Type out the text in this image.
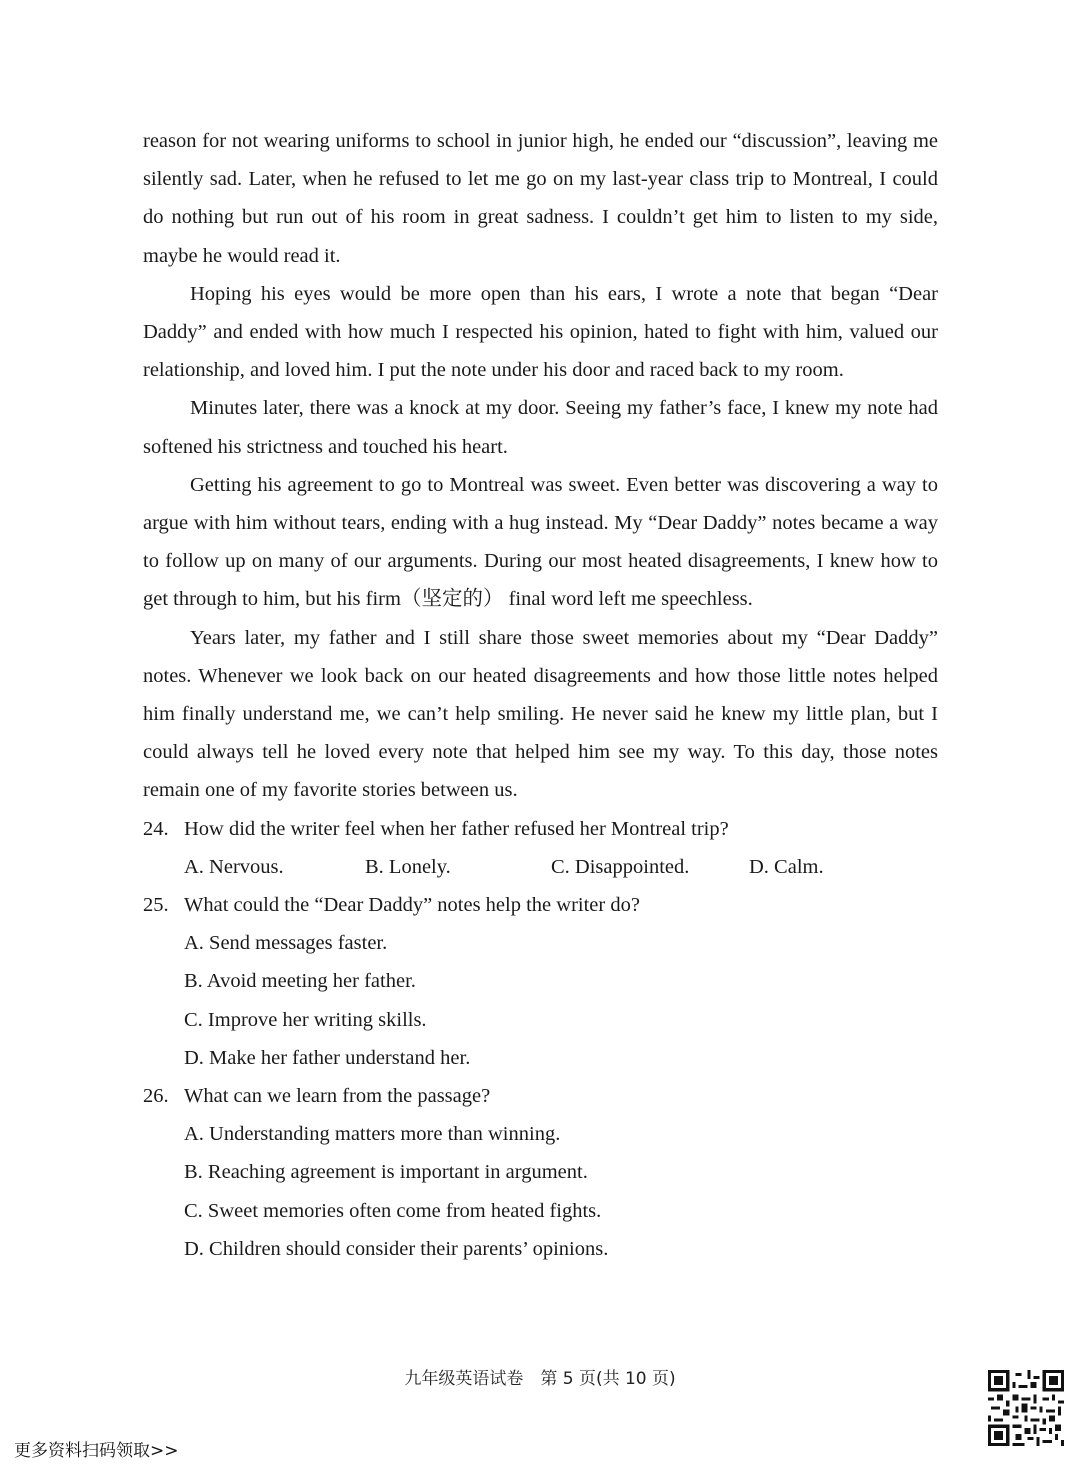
reason for not wearing uniforms to school in junior high, he ended our “discussion”, leaving me silently sad. Later, when he refused to let me go on my last-year class trip to Montreal, I could do nothing but run out of his room in great sadness. I couldn’t get him to listen to my side, maybe he would read it.

Hoping his eyes would be more open than his ears, I wrote a note that began “Dear Daddy” and ended with how much I respected his opinion, hated to fight with him, valued our relationship, and loved him. I put the note under his door and raced back to my room.

Minutes later, there was a knock at my door. Seeing my father’s face, I knew my note had softened his strictness and touched his heart.

Getting his agreement to go to Montreal was sweet. Even better was discovering a way to argue with him without tears, ending with a hug instead. My “Dear Daddy” notes became a way to follow up on many of our arguments. During our most heated disagreements, I knew how to get through to him, but his firm（坚定的） final word left me speechless.

Years later, my father and I still share those sweet memories about my “Dear Daddy” notes. Whenever we look back on our heated disagreements and how those little notes helped him finally understand me, we can’t help smiling. He never said he knew my little plan, but I could always tell he loved every note that helped him see my way. To this day, those notes remain one of my favorite stories between us.

24. How did the writer feel when her father refused her Montreal trip?

A. Nervous.	B. Lonely.	C. Disappointed.	D. Calm.

25. What could the “Dear Daddy” notes help the writer do?

A. Send messages faster.

B. Avoid meeting her father.

C. Improve her writing skills.

D. Make her father understand her.

26. What can we learn from the passage?

A. Understanding matters more than winning.

B. Reaching agreement is important in argument.

C. Sweet memories often come from heated fights.

D. Children should consider their parents’ opinions.

九年级英语试卷　第 5 页(共 10 页)
更多资料扫码领取>>
